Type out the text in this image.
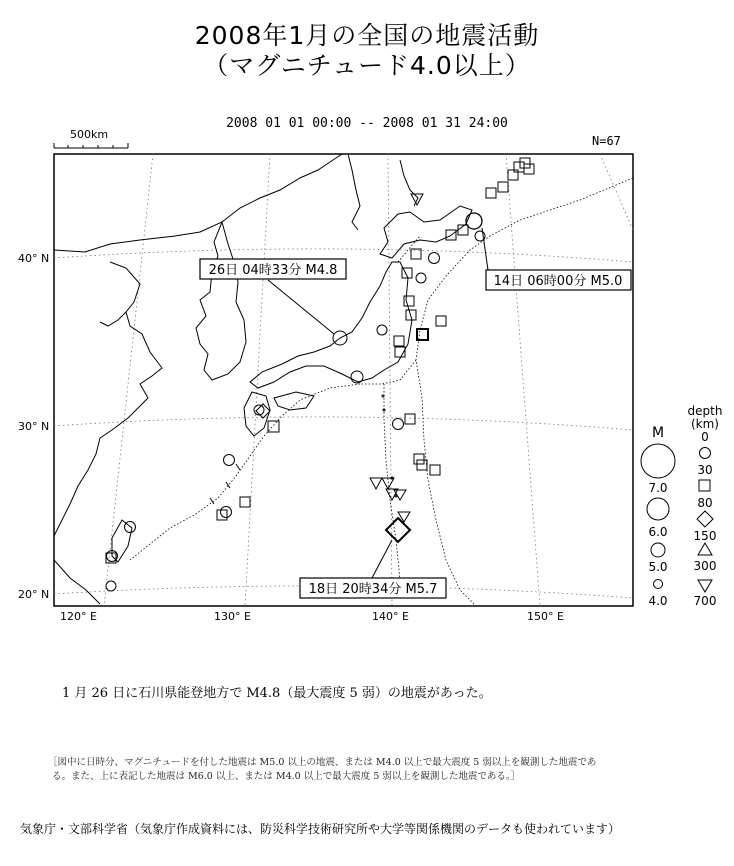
2008年1月の全国の地震活動
（マグニチュード4.0以上）
2008 01 01 00:00 -- 2008 01 31 24:00
500km	N=67
26日 04時33分 M4.8
14日 06時00分 M5.0
18日 20時34分 M5.7
40° N
30° N
20° N
120° E	130° E	140° E	150° E
M
7.0
6.0
5.0
4.0
depth
(km)
0
30
80
150
300
700
1 月 26 日に石川県能登地方で M4.8（最大震度 5 弱）の地震があった。
［図中に日時分、マグニチュードを付した地震は M5.0 以上の地震、または M4.0 以上で最大震度 5 弱以上を観測した地震であ
る。また、上に表記した地震は M6.0 以上、または M4.0 以上で最大震度 5 弱以上を観測した地震である。］
気象庁・文部科学省（気象庁作成資料には、防災科学技術研究所や大学等関係機関のデータも使われています）
